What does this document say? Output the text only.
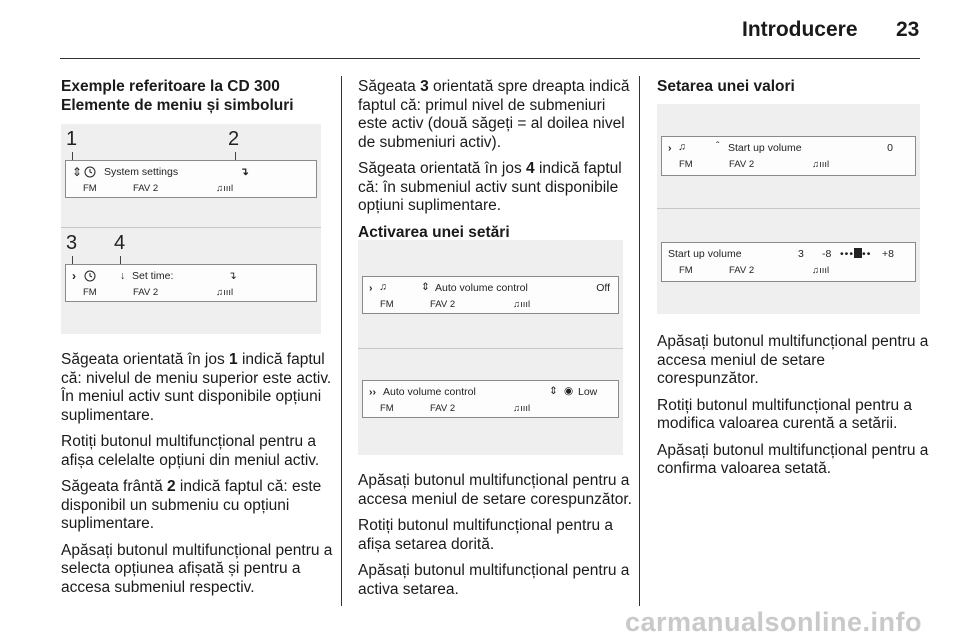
Introducere 23
Exemple referitoare la CD 300
Elemente de meniu și simboluri
1	2
⇕ System settings	↴
FM	FAV 2	♫ıııl
3 4
›	↓ Set time:	↴
FM	FAV 2	♫ıııl

Săgeata orientată în jos 1 indică faptul că: nivelul de meniu superior este activ. În meniul activ sunt disponibile opțiuni suplimentare.

Rotiți butonul multifuncțional pentru a afișa celelalte opțiuni din meniul activ.

Săgeata frântă 2 indică faptul că: este disponibil un submeniu cu opțiuni suplimentare.

Apăsați butonul multifuncțional pentru a selecta opțiunea afișată și pentru a accesa submeniul respectiv.

Săgeata 3 orientată spre dreapta indică faptul că: primul nivel de submeniuri este activ (două săgeți = al doilea nivel de submeniuri activ).

Săgeata orientată în jos 4 indică faptul că: în submeniul activ sunt disponibile opțiuni suplimentare.

Activarea unei setări
› ♫	⇕ Auto volume control	Off
FM	FAV 2	♫ıııl
›› Auto volume control	⇕ ◉ Low
FM	FAV 2	♫ıııl

Apăsați butonul multifuncțional pentru a accesa meniul de setare corespunzător.

Rotiți butonul multifuncțional pentru a afișa setarea dorită.

Apăsați butonul multifuncțional pentru a activa setarea.

Setarea unei valori
› ♫	ˆ Start up volume	0
FM	FAV 2	♫ıııl
Start up volume	3 -8 ••• •• +8
FM	FAV 2	♫ıııl

Apăsați butonul multifuncțional pentru a accesa meniul de setare corespunzător.

Rotiți butonul multifuncțional pentru a modifica valoarea curentă a setării.

Apăsați butonul multifuncțional pentru a confirma valoarea setată.

carmanualsonline.info
